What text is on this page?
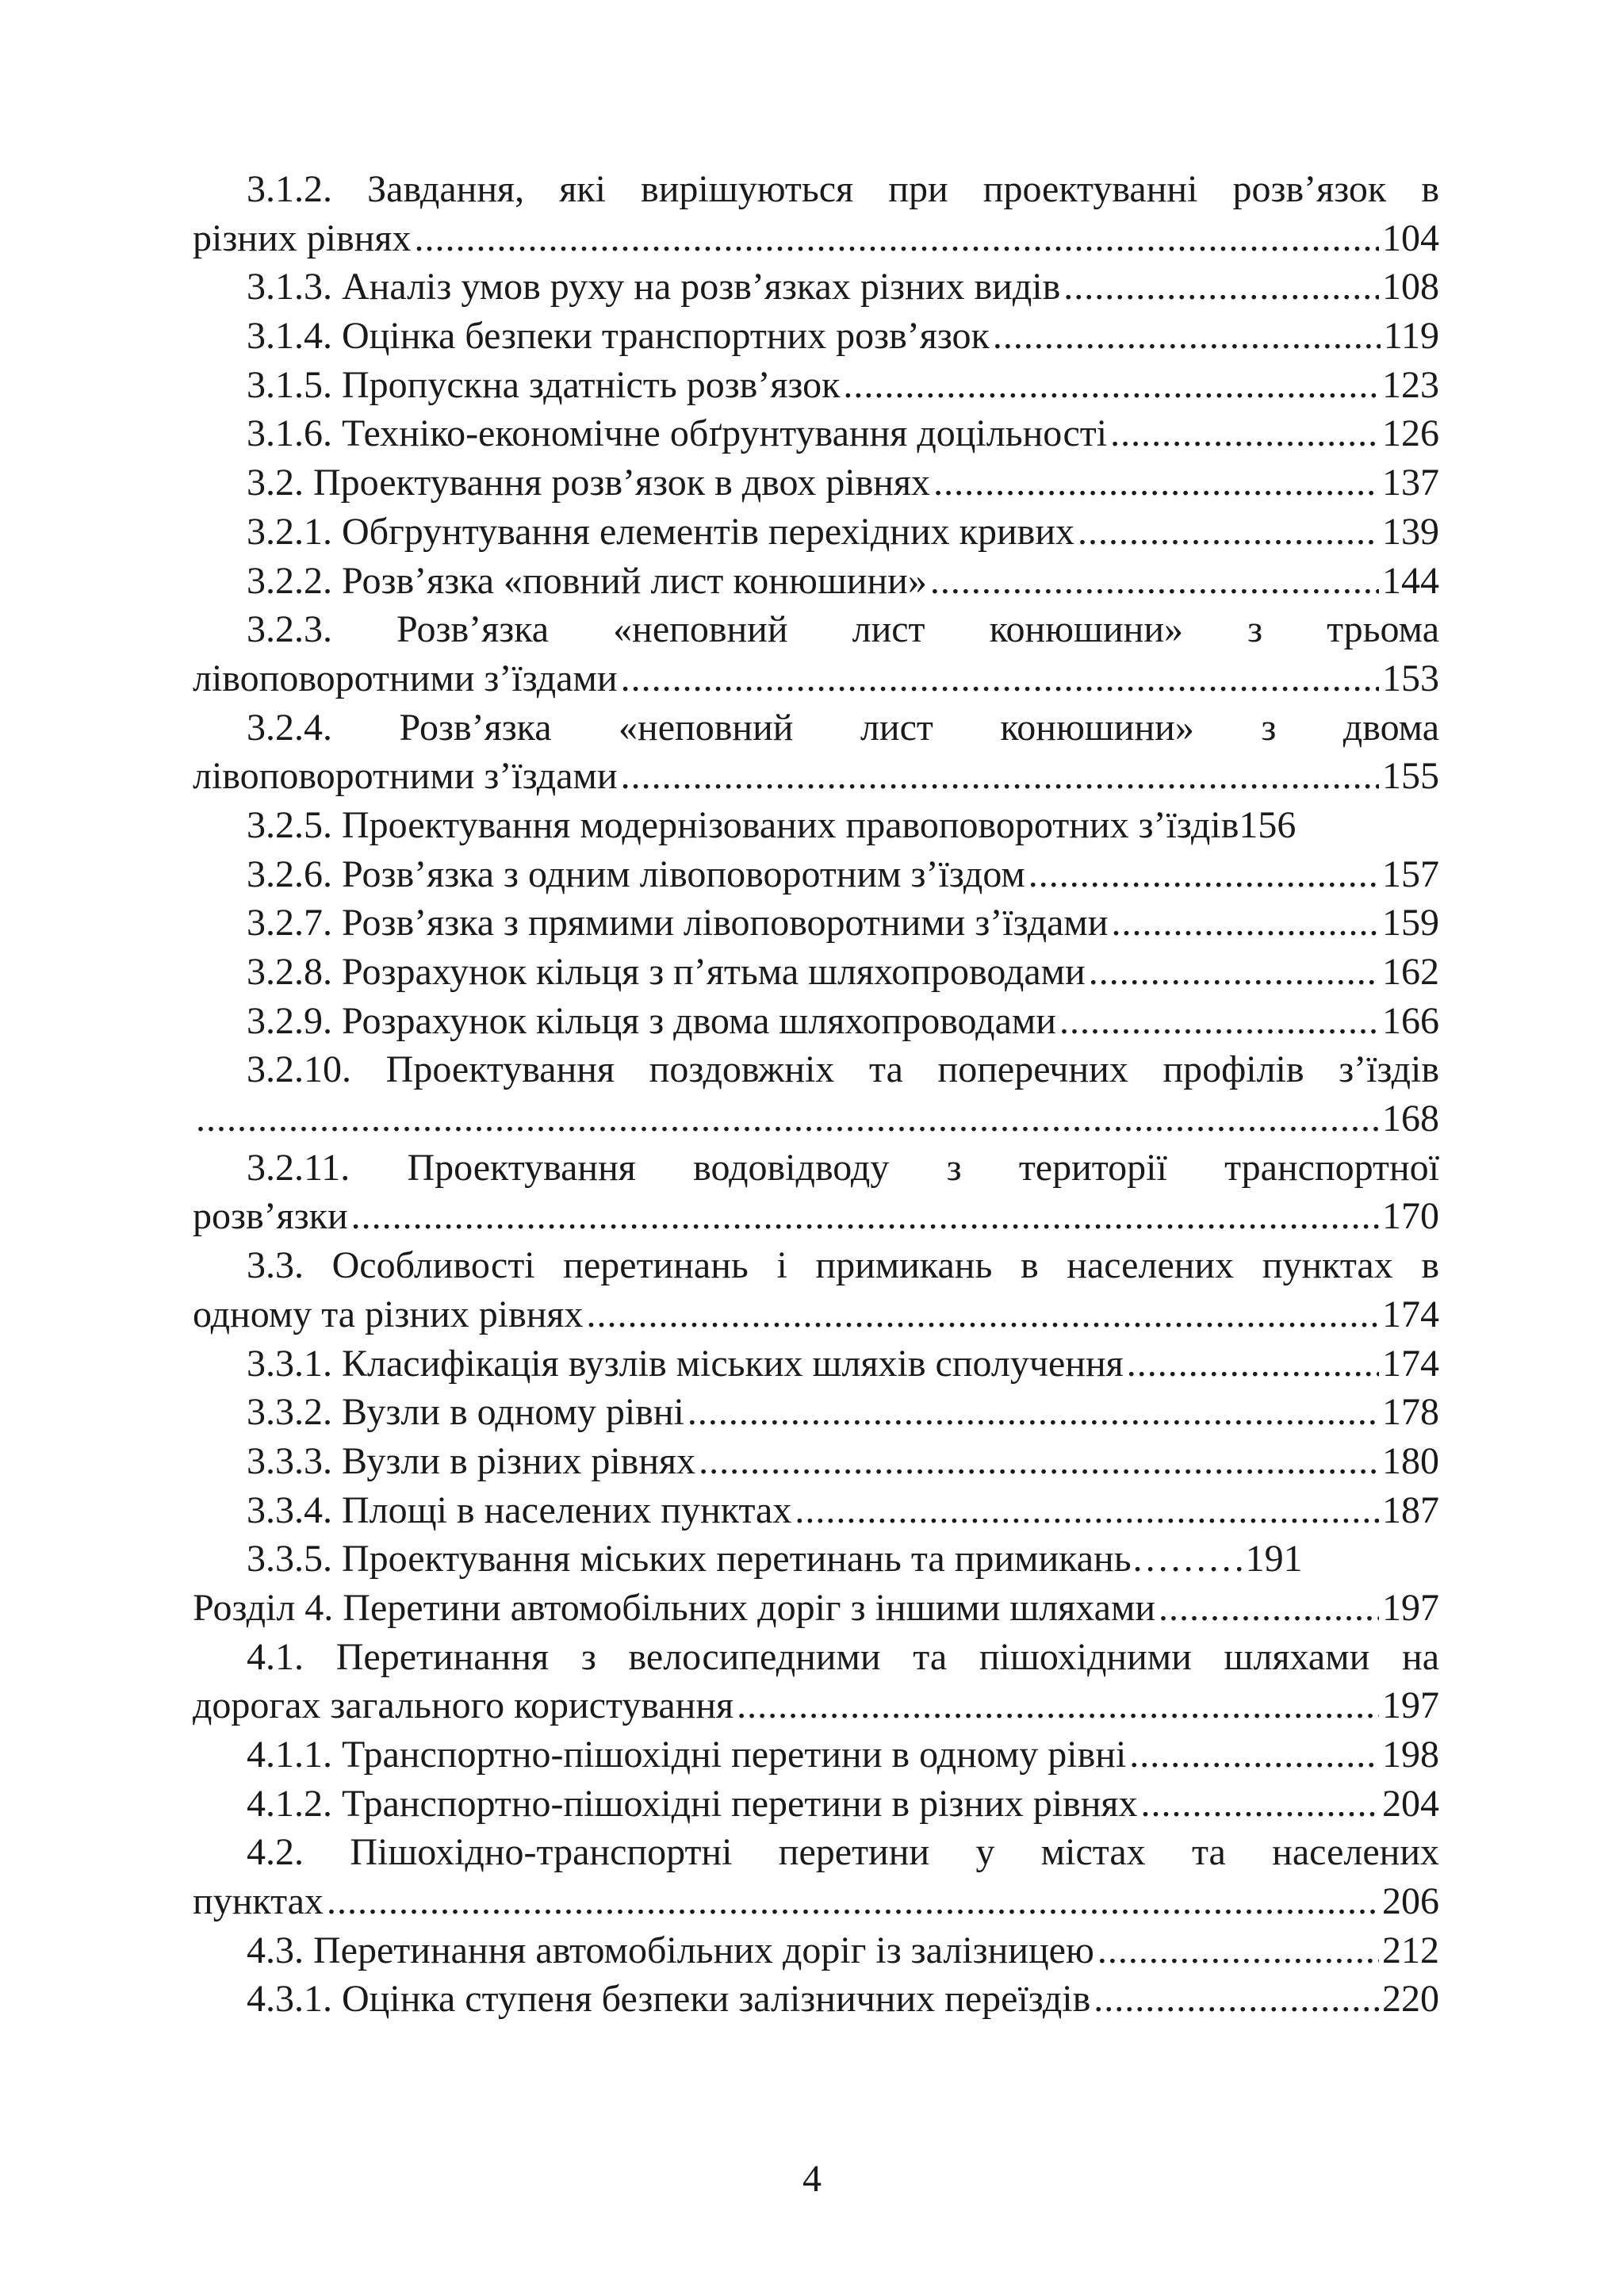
3.1.2. Завдання, які вирішуються при проектуванні розв’язок в
різних рівнях .....	104
3.1.3. Аналіз умов руху на розв’язках різних видів .....	108
3.1.4. Оцінка безпеки транспортних розв’язок .....	119
3.1.5. Пропускна здатність розв’язок .....	123
3.1.6. Техніко-економічне обґрунтування доцільності .....	126
3.2. Проектування розв’язок в двох рівнях .....	137
3.2.1. Обгрунтування елементів перехідних кривих .....	139
3.2.2. Розв’язка «повний лист конюшини» .....	144
3.2.3. Розв’язка «неповний лист конюшини» з трьома
лівоповоротними з’їздами .....	153
3.2.4. Розв’язка «неповний лист конюшини» з двома
лівоповоротними з’їздами .....	155
3.2.5. Проектування модернізованих правоповоротних з’їздів 156
3.2.6. Розв’язка з одним лівоповоротним з’їздом .....	157
3.2.7. Розв’язка з прямими лівоповоротними з’їздами .....	159
3.2.8. Розрахунок кільця з п’ятьма шляхопроводами .....	162
3.2.9. Розрахунок кільця з двома шляхопроводами .....	166
3.2.10. Проектування поздовжніх та поперечних профілів з’їздів
.....
168
3.2.11. Проектування водовідводу з території транспортної
розв’язки .....	170
3.3. Особливості перетинань і примикань в населених пунктах в
одному та різних рівнях .....	174
3.3.1. Класифікація вузлів міських шляхів сполучення .....	174
3.3.2. Вузли в одному рівні .....	178
3.3.3. Вузли в різних рівнях .....	180
3.3.4. Площі в населених пунктах .....	187
3.3.5. Проектування міських перетинань та примикань……… 191
Розділ 4. Перетини автомобільних доріг з іншими шляхами .....	197
4.1. Перетинання з велосипедними та пішохідними шляхами на
дорогах загального користування .....	197
4.1.1. Транспортно-пішохідні перетини в одному рівні .....	198
4.1.2. Транспортно-пішохідні перетини в різних рівнях .....	204
4.2. Пішохідно-транспортні перетини у містах та населених
пунктах .....	206
4.3. Перетинання автомобільних доріг із залізницею .....	212
4.3.1. Оцінка ступеня безпеки залізничних переїздів .....	220
4
